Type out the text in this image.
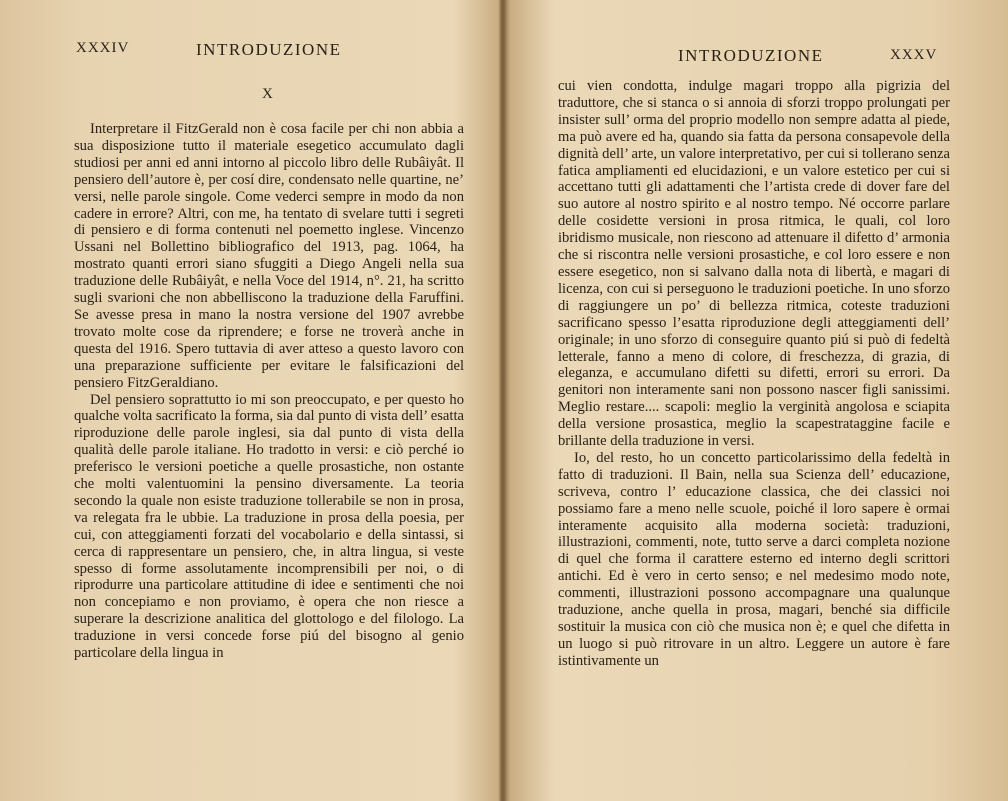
XXXIV	INTRODUZIONE
X

Interpretare il FitzGerald non è cosa facile per chi non abbia a sua disposizione tutto il materiale esegetico accumulato dagli studiosi per anni ed anni intorno al piccolo libro delle Rubâiyât. Il pensiero dell’autore è, per cosí dire, condensato nelle quartine, ne’ versi, nelle parole singole. Come vederci sempre in modo da non cadere in errore? Altri, con me, ha tentato di svelare tutti i segreti di pensiero e di forma contenuti nel poemetto inglese. Vincenzo Ussani nel Bollettino bibliografico del 1913, pag. 1064, ha mostrato quanti errori siano sfuggiti a Diego Angeli nella sua traduzione delle Rubâiyât, e nella Voce del 1914, n°. 21, ha scritto sugli svarioni che non abbelliscono la traduzione della Faruffini. Se avesse presa in mano la nostra versione del 1907 avrebbe trovato molte cose da riprendere; e forse ne troverà anche in questa del 1916. Spero tuttavia di aver atteso a questo lavoro con una preparazione sufficiente per evitare le falsificazioni del pensiero FitzGeraldiano.

Del pensiero soprattutto io mi son preoccupato, e per questo ho qualche volta sacrificato la forma, sia dal punto di vista dell’ esatta riproduzione delle parole inglesi, sia dal punto di vista della qualità delle parole italiane. Ho tradotto in versi: e ciò perché io preferisco le versioni poetiche a quelle prosastiche, non ostante che molti valentuomini la pensino diversamente. La teoria secondo la quale non esiste traduzione tollerabile se non in prosa, va relegata fra le ubbie. La traduzione in prosa della poesia, per cui, con atteggiamenti forzati del vocabolario e della sintassi, si cerca di rappresentare un pensiero, che, in altra lingua, si veste spesso di forme assolutamente incomprensibili per noi, o di riprodurre una particolare attitudine di idee e sentimenti che noi non concepiamo e non proviamo, è opera che non riesce a superare la descrizione analitica del glottologo e del filologo. La traduzione in versi concede forse piú del bisogno al genio particolare della lingua in

INTRODUZIONE	XXXV

cui vien condotta, indulge magari troppo alla pigrizia del traduttore, che si stanca o si annoia di sforzi troppo prolungati per insister sull’ orma del proprio modello non sempre adatta al piede, ma può avere ed ha, quando sia fatta da persona consapevole della dignità dell’ arte, un valore interpretativo, per cui si tollerano senza fatica ampliamenti ed elucidazioni, e un valore estetico per cui si accettano tutti gli adattamenti che l’artista crede di dover fare del suo autore al nostro spirito e al nostro tempo. Né occorre parlare delle cosidette versioni in prosa ritmica, le quali, col loro ibridismo musicale, non riescono ad attenuare il difetto d’ armonia che si riscontra nelle versioni prosastiche, e col loro essere e non essere esegetico, non si salvano dalla nota di libertà, e magari di licenza, con cui si perseguono le traduzioni poetiche. In uno sforzo di raggiungere un po’ di bellezza ritmica, coteste traduzioni sacrificano spesso l’esatta riproduzione degli atteggiamenti dell’ originale; in uno sforzo di conseguire quanto piú si può di fedeltà letterale, fanno a meno di colore, di freschezza, di grazia, di eleganza, e accumulano difetti su difetti, errori su errori. Da genitori non interamente sani non possono nascer figli sanissimi. Meglio restare.... scapoli: meglio la verginità angolosa e sciapita della versione prosastica, meglio la scapestrataggine facile e brillante della traduzione in versi.

Io, del resto, ho un concetto particolarissimo della fedeltà in fatto di traduzioni. Il Bain, nella sua Scienza dell’ educazione, scriveva, contro l’ educazione classica, che dei classici noi possiamo fare a meno nelle scuole, poiché il loro sapere è ormai interamente acquisito alla moderna società: traduzioni, illustrazioni, commenti, note, tutto serve a darci completa nozione di quel che forma il carattere esterno ed interno degli scrittori antichi. Ed è vero in certo senso; e nel medesimo modo note, commenti, illustrazioni possono accompagnare una qualunque traduzione, anche quella in prosa, magari, benché sia difficile sostituir la musica con ciò che musica non è; e quel che difetta in un luogo si può ritrovare in un altro. Leggere un autore è fare istintivamente un
